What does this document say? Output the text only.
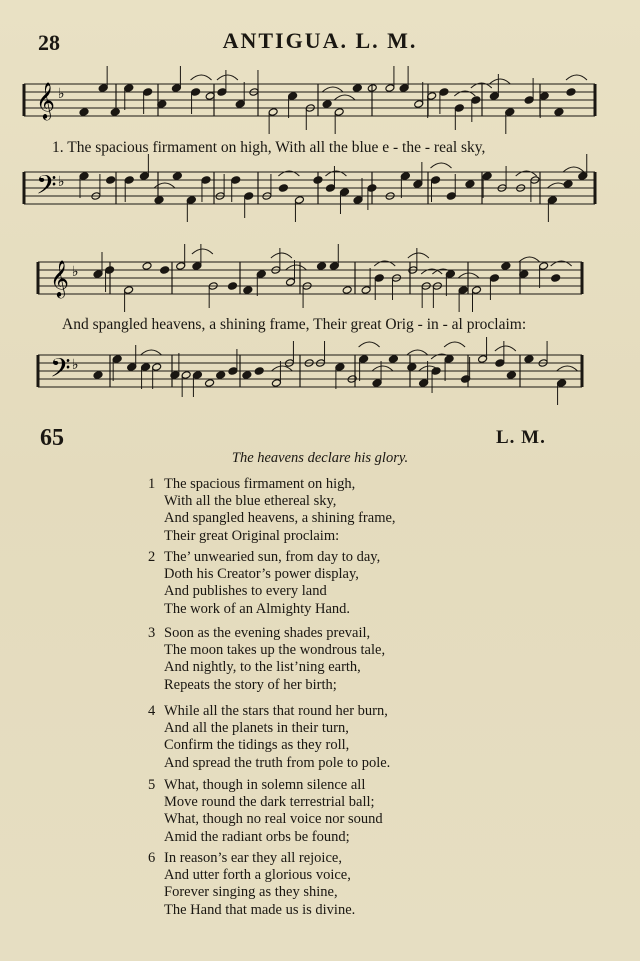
28	ANTIGUA. L. M.
𝄞 ♭
𝄢 ♭
𝄞 ♭
𝄢 ♭
1. The spacious firmament on high, With all the blue e - the - real sky,
And spangled heavens, a shining frame, Their great Orig - in - al proclaim:
65	L. M.
The heavens declare his glory.
1 The spacious firmament on high,
With all the blue ethereal sky,
And spangled heavens, a shining frame,
Their great Original proclaim:
2 The’ unwearied sun, from day to day,
Doth his Creator’s power display,
And publishes to every land
The work of an Almighty Hand.
3 Soon as the evening shades prevail,
The moon takes up the wondrous tale,
And nightly, to the list’ning earth,
Repeats the story of her birth;
4 While all the stars that round her burn,
And all the planets in their turn,
Confirm the tidings as they roll,
And spread the truth from pole to pole.
5 What, though in solemn silence all
Move round the dark terrestrial ball;
What, though no real voice nor sound
Amid the radiant orbs be found;
6 In reason’s ear they all rejoice,
And utter forth a glorious voice,
Forever singing as they shine,
The Hand that made us is divine.
